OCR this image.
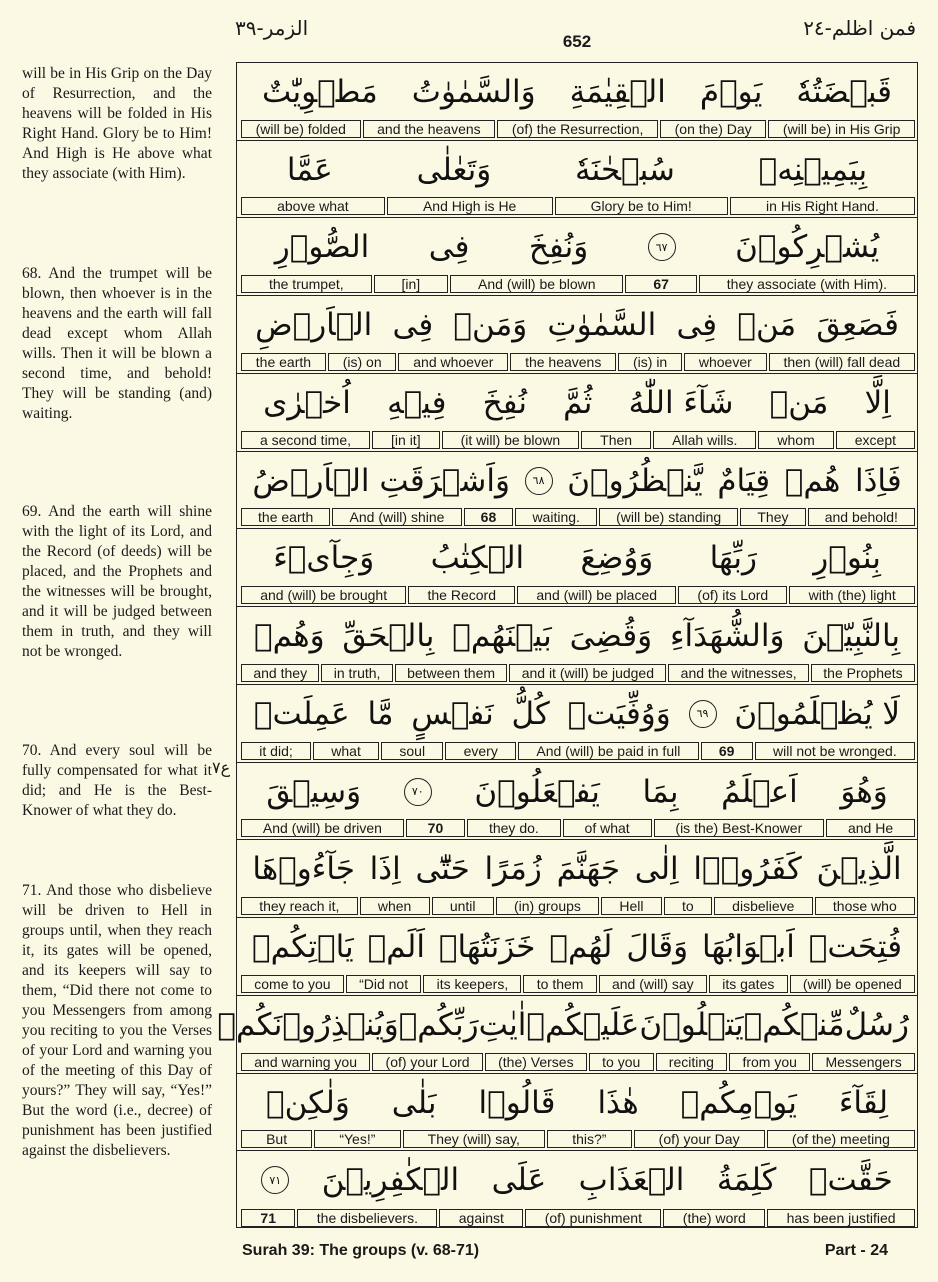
الزمر-٣٩
652
فمن اظلم-٢٤
will be in His Grip on the Day of Resurrection, and the heavens will be folded in His Right Hand. Glory be to Him! And High is He above what they associate (with Him).
68. And the trumpet will be blown, then whoever is in the heavens and the earth will fall dead except whom Allah wills. Then it will be blown a second time, and behold! They will be standing (and) waiting.
69. And the earth will shine with the light of its Lord, and the Record (of deeds) will be placed, and the Prophets and the witnesses will be brought, and it will be judged between them in truth, and they will not be wronged.
70. And every soul will be fully compensated for what it did; and He is the Best-Knower of what they do.
71. And those who disbelieve will be driven to Hell in groups until, when they reach it, its gates will be opened, and its keepers will say to them, “Did there not come to you Messengers from among you reciting to you the Verses of your Lord and warning you of the meeting of this Day of yours?” They will say, “Yes!” But the word (i.e., decree) of punishment has been justified against the disbelievers.
ع٧
قَبۡضَتُهٗ
يَوۡمَ
الۡقِيٰمَةِ
وَالسَّمٰوٰتُ
مَطۡوِيّٰتٌ
(will be) in His Grip
(on the) Day
(of) the Resurrection,
and the heavens
(will be) folded
بِيَمِيۡنِهٖ
سُبۡحٰنَهٗ
وَتَعٰلٰى
عَمَّا
in His Right Hand.
Glory be to Him!
And High is He
above what
يُشۡرِكُوۡنَ
٦٧
وَنُفِخَ
فِى
الصُّوۡرِ
they associate (with Him).
67
And (will) be blown
[in]
the trumpet,
فَصَعِقَ
مَنۡ
فِى
السَّمٰوٰتِ
وَمَنۡ
فِى
الۡاَرۡضِ
then (will) fall dead
whoever
(is) in
the heavens
and whoever
(is) on
the earth
اِلَّا
مَنۡ
شَآءَ اللّٰهُ
ثُمَّ
نُفِخَ
فِيۡهِ
اُخۡرٰى
except
whom
Allah wills.
Then
(it will) be blown
[in it]
a second time,
فَاِذَا
هُمۡ
قِيَامٌ
يَّنۡظُرُوۡنَ
٦٨
وَاَشۡرَقَتِ الۡاَرۡضُ
and behold!
They
(will be) standing
waiting.
68
And (will) shine
the earth
بِنُوۡرِ
رَبِّهَا
وَوُضِعَ
الۡكِتٰبُ
وَجِآىۡءَ
with (the) light
(of) its Lord
and (will) be placed
the Record
and (will) be brought
بِالنَّبِيّٖنَ
وَالشُّهَدَآءِ
وَقُضِىَ
بَيۡنَهُمۡ
بِالۡحَقِّ
وَهُمۡ
the Prophets
and the witnesses,
and it (will) be judged
between them
in truth,
and they
لَا يُظۡلَمُوۡنَ
٦٩
وَوُفِّيَتۡ
كُلُّ
نَفۡسٍ
مَّا
عَمِلَتۡ
will not be wronged.
69
And (will) be paid in full
every
soul
what
it did;
وَهُوَ
اَعۡلَمُ
بِمَا
يَفۡعَلُوۡنَ
٧٠
وَسِيۡقَ
and He
(is the) Best-Knower
of what
they do.
70
And (will) be driven
الَّذِيۡنَ
كَفَرُوۡۤا
اِلٰى
جَهَنَّمَ
زُمَرًا
حَتّٰٓى
اِذَا
جَآءُوۡهَا
those who
disbelieve
to
Hell
(in) groups
until
when
they reach it,
فُتِحَتۡ
اَبۡوَابُهَا
وَقَالَ
لَهُمۡ
خَزَنَتُهَاۤ
اَلَمۡ
يَاۡتِكُمۡ
(will) be opened
its gates
and (will) say
to them
its keepers,
“Did not
come to you
رُسُلٌ
مِّنۡكُمۡ
يَتۡلُوۡنَ
عَلَيۡكُمۡ
اٰيٰتِ
رَبِّكُمۡ
وَيُنۡذِرُوۡنَكُمۡ
Messengers
from you
reciting
to you
(the) Verses
(of) your Lord
and warning you
لِقَآءَ
يَوۡمِكُمۡ
هٰذَا
قَالُوۡا
بَلٰى
وَلٰكِنۡ
(of the) meeting
(of) your Day
this?”
They (will) say,
“Yes!”
But
حَقَّتۡ
كَلِمَةُ
الۡعَذَابِ
عَلَى
الۡكٰفِرِيۡنَ
٧١
has been justified
(the) word
(of) punishment
against
the disbelievers.
71
Surah 39: The groups (v. 68-71)	Part - 24
